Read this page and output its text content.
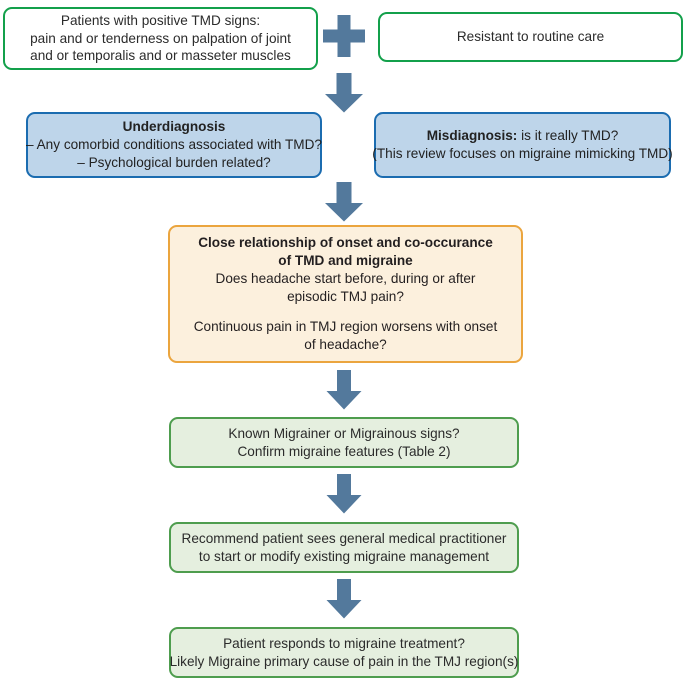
Patients with positive TMD signs:
pain and or tenderness on palpation of joint
and or temporalis and or masseter muscles
Resistant to routine care
Underdiagnosis
– Any comorbid conditions associated with TMD?
– Psychological burden related?
Misdiagnosis: is it really TMD?
(This review focuses on migraine mimicking TMD)
Close relationship of onset and co-occurance
of TMD and migraine
Does headache start before, during or after
episodic TMJ pain?
Continuous pain in TMJ region worsens with onset
of headache?
Known Migrainer or Migrainous signs?
Confirm migraine features (Table 2)
Recommend patient sees general medical practitioner
to start or modify existing migraine management
Patient responds to migraine treatment?
Likely Migraine primary cause of pain in the TMJ region(s)
